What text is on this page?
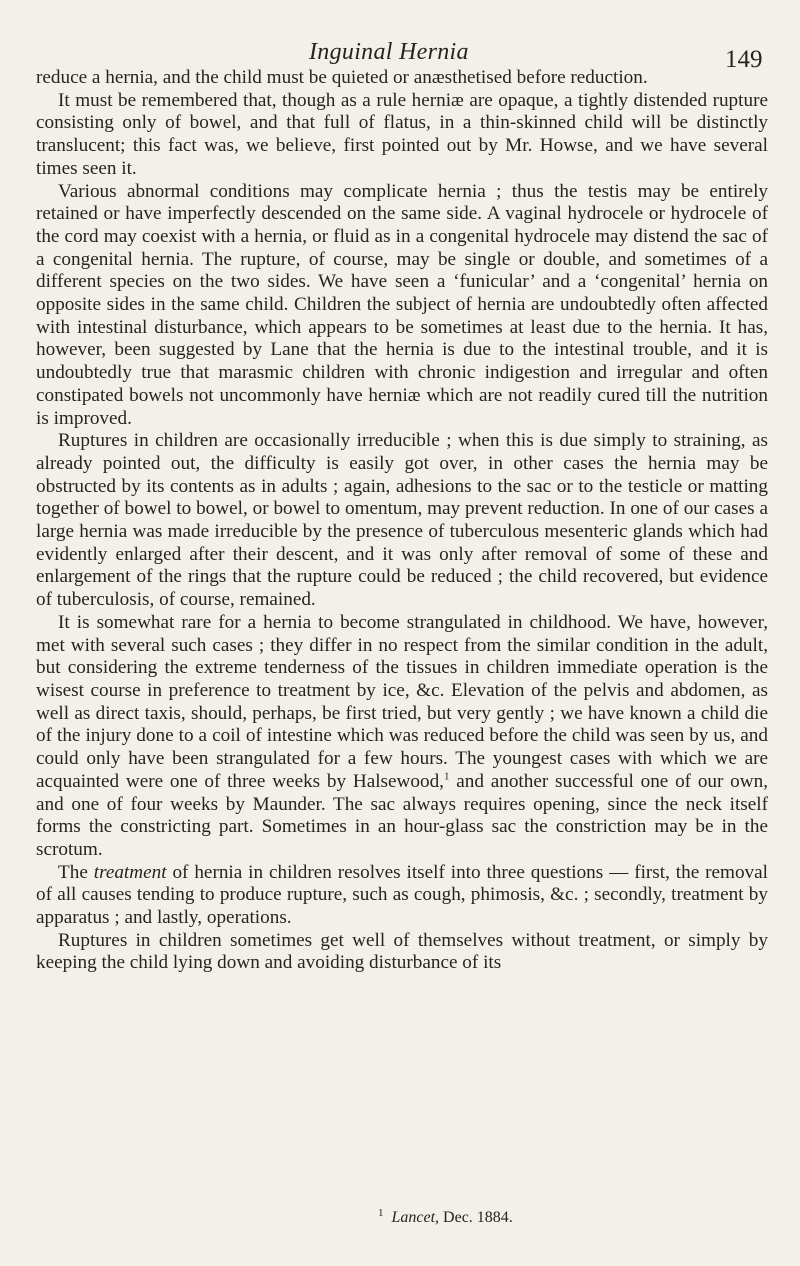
Inguinal Hernia	149

reduce a hernia, and the child must be quieted or anæsthetised before reduction.

It must be remembered that, though as a rule herniæ are opaque, a tightly distended rupture consisting only of bowel, and that full of flatus, in a thin-skinned child will be distinctly translucent; this fact was, we believe, first pointed out by Mr. Howse, and we have several times seen it.

Various abnormal conditions may complicate hernia ; thus the testis may be entirely retained or have imperfectly descended on the same side. A vaginal hydrocele or hydrocele of the cord may coexist with a hernia, or fluid as in a congenital hydrocele may distend the sac of a congenital hernia. The rupture, of course, may be single or double, and sometimes of a different species on the two sides. We have seen a ‘funicular’ and a ‘congenital’ hernia on opposite sides in the same child. Children the subject of hernia are undoubtedly often affected with intestinal disturbance, which appears to be sometimes at least due to the hernia. It has, however, been suggested by Lane that the hernia is due to the intestinal trouble, and it is undoubtedly true that marasmic children with chronic indigestion and irregular and often constipated bowels not uncommonly have herniæ which are not readily cured till the nutrition is improved.

Ruptures in children are occasionally irreducible ; when this is due simply to straining, as already pointed out, the difficulty is easily got over, in other cases the hernia may be obstructed by its contents as in adults ; again, adhesions to the sac or to the testicle or matting together of bowel to bowel, or bowel to omentum, may prevent reduction. In one of our cases a large hernia was made irreducible by the presence of tuberculous mesenteric glands which had evidently enlarged after their descent, and it was only after removal of some of these and enlargement of the rings that the rupture could be reduced ; the child recovered, but evidence of tuberculosis, of course, remained.

It is somewhat rare for a hernia to become strangulated in childhood. We have, however, met with several such cases ; they differ in no respect from the similar condition in the adult, but considering the extreme tenderness of the tissues in children immediate operation is the wisest course in preference to treatment by ice, &c. Elevation of the pelvis and abdomen, as well as direct taxis, should, perhaps, be first tried, but very gently ; we have known a child die of the injury done to a coil of intestine which was reduced before the child was seen by us, and could only have been strangulated for a few hours. The youngest cases with which we are acquainted were one of three weeks by Halsewood,$^1$ and another successful one of our own, and one of four weeks by Maunder. The sac always requires opening, since the neck itself forms the constricting part. Sometimes in an hour-glass sac the constriction may be in the scrotum.

The treatment of hernia in children resolves itself into three questions — first, the removal of all causes tending to produce rupture, such as cough, phimosis, &c. ; secondly, treatment by apparatus ; and lastly, operations.

Ruptures in children sometimes get well of themselves without treatment, or simply by keeping the child lying down and avoiding disturbance of its

$^1$ Lancet, Dec. 1884.
